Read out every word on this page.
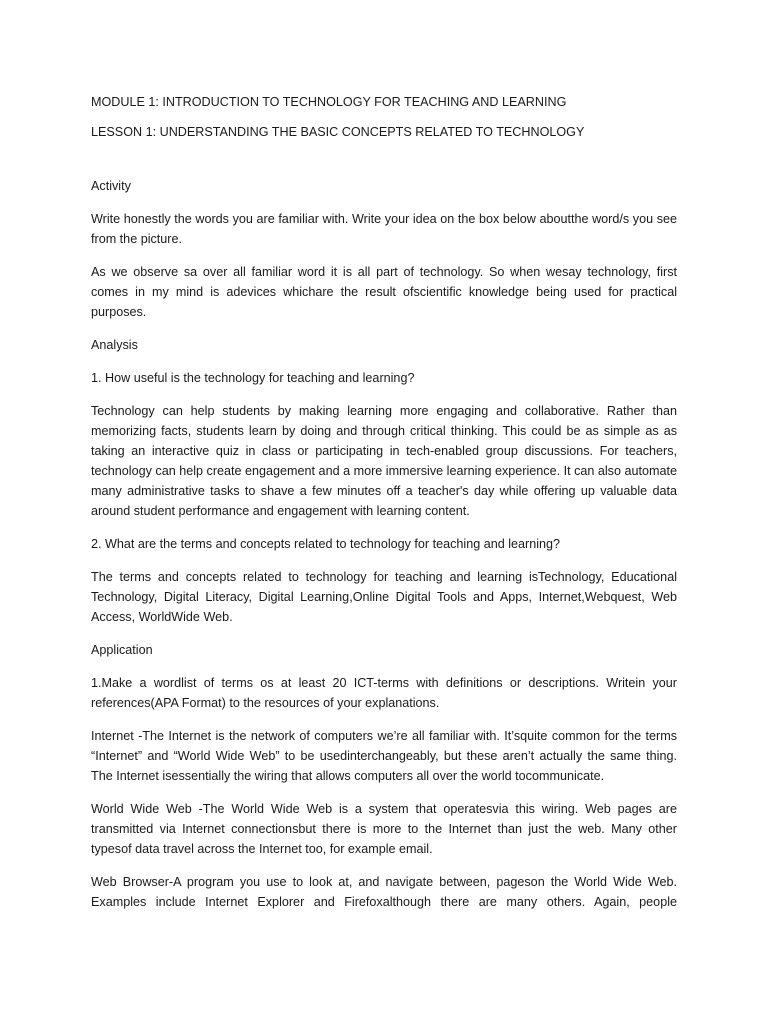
MODULE 1: INTRODUCTION TO TECHNOLOGY FOR TEACHING AND LEARNING

LESSON 1: UNDERSTANDING THE BASIC CONCEPTS RELATED TO TECHNOLOGY

Activity

Write honestly the words you are familiar with. Write your idea on the box below aboutthe word/s you see from the picture.

As we observe sa over all familiar word it is all part of technology. So when wesay technology, first comes in my mind is adevices whichare the result ofscientific knowledge being used for practical purposes.

Analysis

1. How useful is the technology for teaching and learning?

Technology can help students by making learning more engaging and collaborative. Rather than memorizing facts, students learn by doing and through critical thinking. This could be as simple as as taking an interactive quiz in class or participating in tech-enabled group discussions. For teachers, technology can help create engagement and a more immersive learning experience. It can also automate many administrative tasks to shave a few minutes off a teacher's day while offering up valuable data around student performance and engagement with learning content.

2. What are the terms and concepts related to technology for teaching and learning?

The terms and concepts related to technology for teaching and learning isTechnology, Educational Technology, Digital Literacy, Digital Learning,Online Digital Tools and Apps, Internet,Webquest, Web Access, WorldWide Web.

Application

1.Make a wordlist of terms os at least 20 ICT-terms with definitions or descriptions. Writein your references(APA Format) to the resources of your explanations.

Internet -The Internet is the network of computers we’re all familiar with. It’squite common for the terms “Internet” and “World Wide Web” to be usedinterchangeably, but these aren’t actually the same thing. The Internet isessentially the wiring that allows computers all over the world tocommunicate.

World Wide Web -The World Wide Web is a system that operatesvia this wiring. Web pages are transmitted via Internet connectionsbut there is more to the Internet than just the web. Many other typesof data travel across the Internet too, for example email.

Web Browser-A program you use to look at, and navigate between, pageson the World Wide Web. Examples include Internet Explorer and Firefoxalthough there are many others. Again, people
